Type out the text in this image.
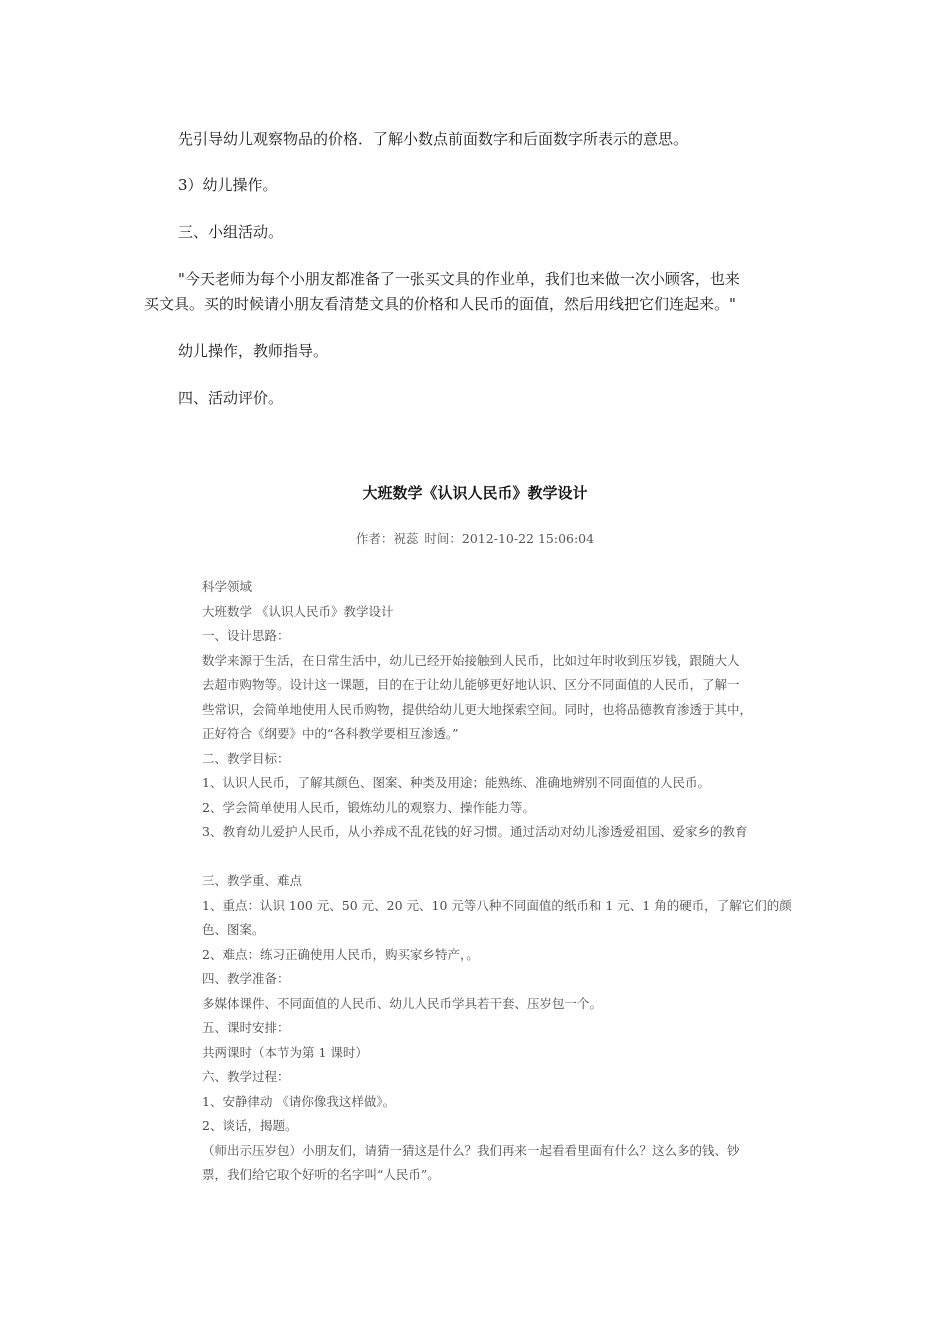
先引导幼儿观察物品的价格．了解小数点前面数字和后面数字所表示的意思。

3）幼儿操作。

三、小组活动。

"今天老师为每个小朋友都准备了一张买文具的作业单，我们也来做一次小顾客，也来

买文具。买的时候请小朋友看清楚文具的价格和人民币的面值，然后用线把它们连起来。"

幼儿操作，教师指导。

四、活动评价。

大班数学《认识人民币》教学设计

作者：祝蕊 时间：2012-10-22 15:06:04

科学领域

大班数学 《认识人民币》教学设计

一、设计思路：

数学来源于生活，在日常生活中，幼儿已经开始接触到人民币，比如过年时收到压岁钱，跟随大人

去超市购物等。设计这一课题，目的在于让幼儿能够更好地认识、区分不同面值的人民币，了解一

些常识，会简单地使用人民币购物，提供给幼儿更大地探索空间。同时，也将品德教育渗透于其中，

正好符合《纲要》中的“各科教学要相互渗透。”

二、教学目标：

1、认识人民币，了解其颜色、图案、种类及用途；能熟练、准确地辨别不同面值的人民币。

2、学会简单使用人民币，锻炼幼儿的观察力、操作能力等。

3、教育幼儿爱护人民币，从小养成不乱花钱的好习惯。通过活动对幼儿渗透爱祖国、爱家乡的教育

三、教学重、难点

1、重点：认识 100 元、50 元、20 元、10 元等八种不同面值的纸币和 1 元、1 角的硬币，了解它们的颜

色、图案。

2、难点：练习正确使用人民币，购买家乡特产，。

四、教学准备：

多媒体课件、不同面值的人民币、幼儿人民币学具若干套、压岁包一个。

五、课时安排：

共两课时（本节为第 1 课时）

六、教学过程：

1、安静律动 《请你像我这样做》。

2、谈话，揭题。

（师出示压岁包）小朋友们，请猜一猜这是什么？我们再来一起看看里面有什么？这么多的钱、钞

票，我们给它取个好听的名字叫“人民币”。
